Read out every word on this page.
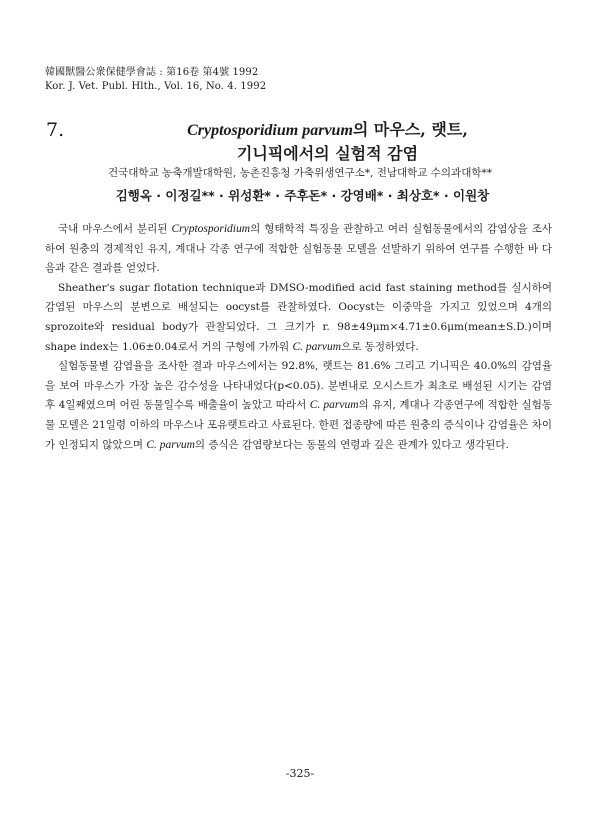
韓國獸醫公衆保健學會誌 : 第16卷 第4號 1992
Kor. J. Vet. Publ. Hlth., Vol. 16, No. 4. 1992
7.	Cryptosporidium parvum의 마우스, 랫트,
기니픽에서의 실험적 감염
건국대학교 농축개발대학원, 농촌진흥청 가축위생연구소*, 전남대학교 수의과대학**
김행옥 · 이정길** · 위성환* · 주후돈* · 강영배* · 최상호* · 이원창

국내 마우스에서 분리된 Cryptosporidium의 형태학적 특징을 관찰하고 여러 실험동물에서의 감염상을 조사하여 원충의 경제적인 유지, 계대나 각종 연구에 적합한 실험동물 모델을 선발하기 위하여 연구를 수행한 바 다음과 같은 결과를 얻었다.

Sheather's sugar flotation technique과 DMSO-modified acid fast staining method를 실시하여 감염된 마우스의 분변으로 배설되는 oocyst를 관찰하였다. Oocyst는 이중막을 가지고 있었으며 4개의 sprozoite와 residual body가 관찰되었다. 그 크기가 r. 98±49μm×4.71±0.6μm(mean±S.D.)이며 shape index는 1.06±0.04로서 거의 구형에 가까워 C. parvum으로 동정하였다.

실험동물별 감염율을 조사한 결과 마우스에서는 92.8%, 랫트는 81.6% 그리고 기니픽은 40.0%의 감염율을 보여 마우스가 가장 높은 감수성을 나타내었다(p<0.05). 분변내로 오시스트가 최초로 배설된 시기는 감염 후 4일째였으며 어린 동물일수록 배출율이 높았고 따라서 C. parvum의 유지, 계대나 각종연구에 적합한 실험동물 모델은 21일령 이하의 마우스나 포유랫트라고 사료된다. 한편 접종량에 따른 원충의 증식이나 감염율은 차이가 인정되지 않았으며 C. parvum의 증식은 감염량보다는 동물의 연령과 깊은 관계가 있다고 생각된다.

-325-
